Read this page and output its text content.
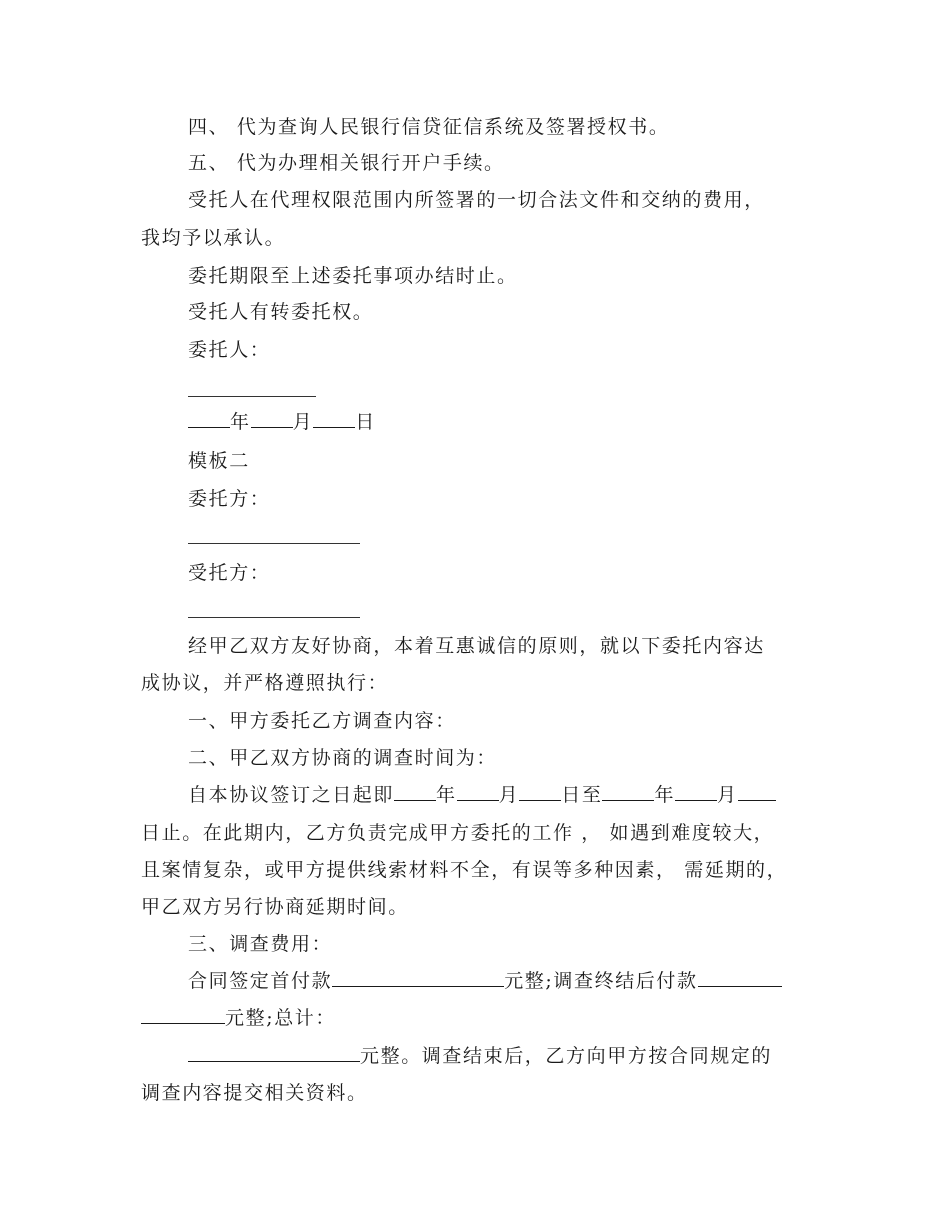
四、 代为查询人民银行信贷征信系统及签署授权书。
五、 代为办理相关银行开户手续。
受托人在代理权限范围内所签署的一切合法文件和交纳的费用，
我均予以承认。
委托期限至上述委托事项办结时止。
受托人有转委托权。
委托人：
年 月 日
模板二
委托方：
受托方：
经甲乙双方友好协商，本着互惠诚信的原则，就以下委托内容达
成协议，并严格遵照执行：
一、甲方委托乙方调查内容：
二、甲乙双方协商的调查时间为：
自本协议签订之日起即 年 月 日至	年 月
日止。在此期内，乙方负责完成甲方委托的工作 ， 如遇到难度较大，
且案情复杂，或甲方提供线索材料不全，有误等多种因素， 需延期的，
甲乙双方另行协商延期时间。
三、调查费用：
合同签定首付款	元整;调查终结后付款
元整;总计：
元整。调查结束后，乙方向甲方按合同规定的
调查内容提交相关资料。
